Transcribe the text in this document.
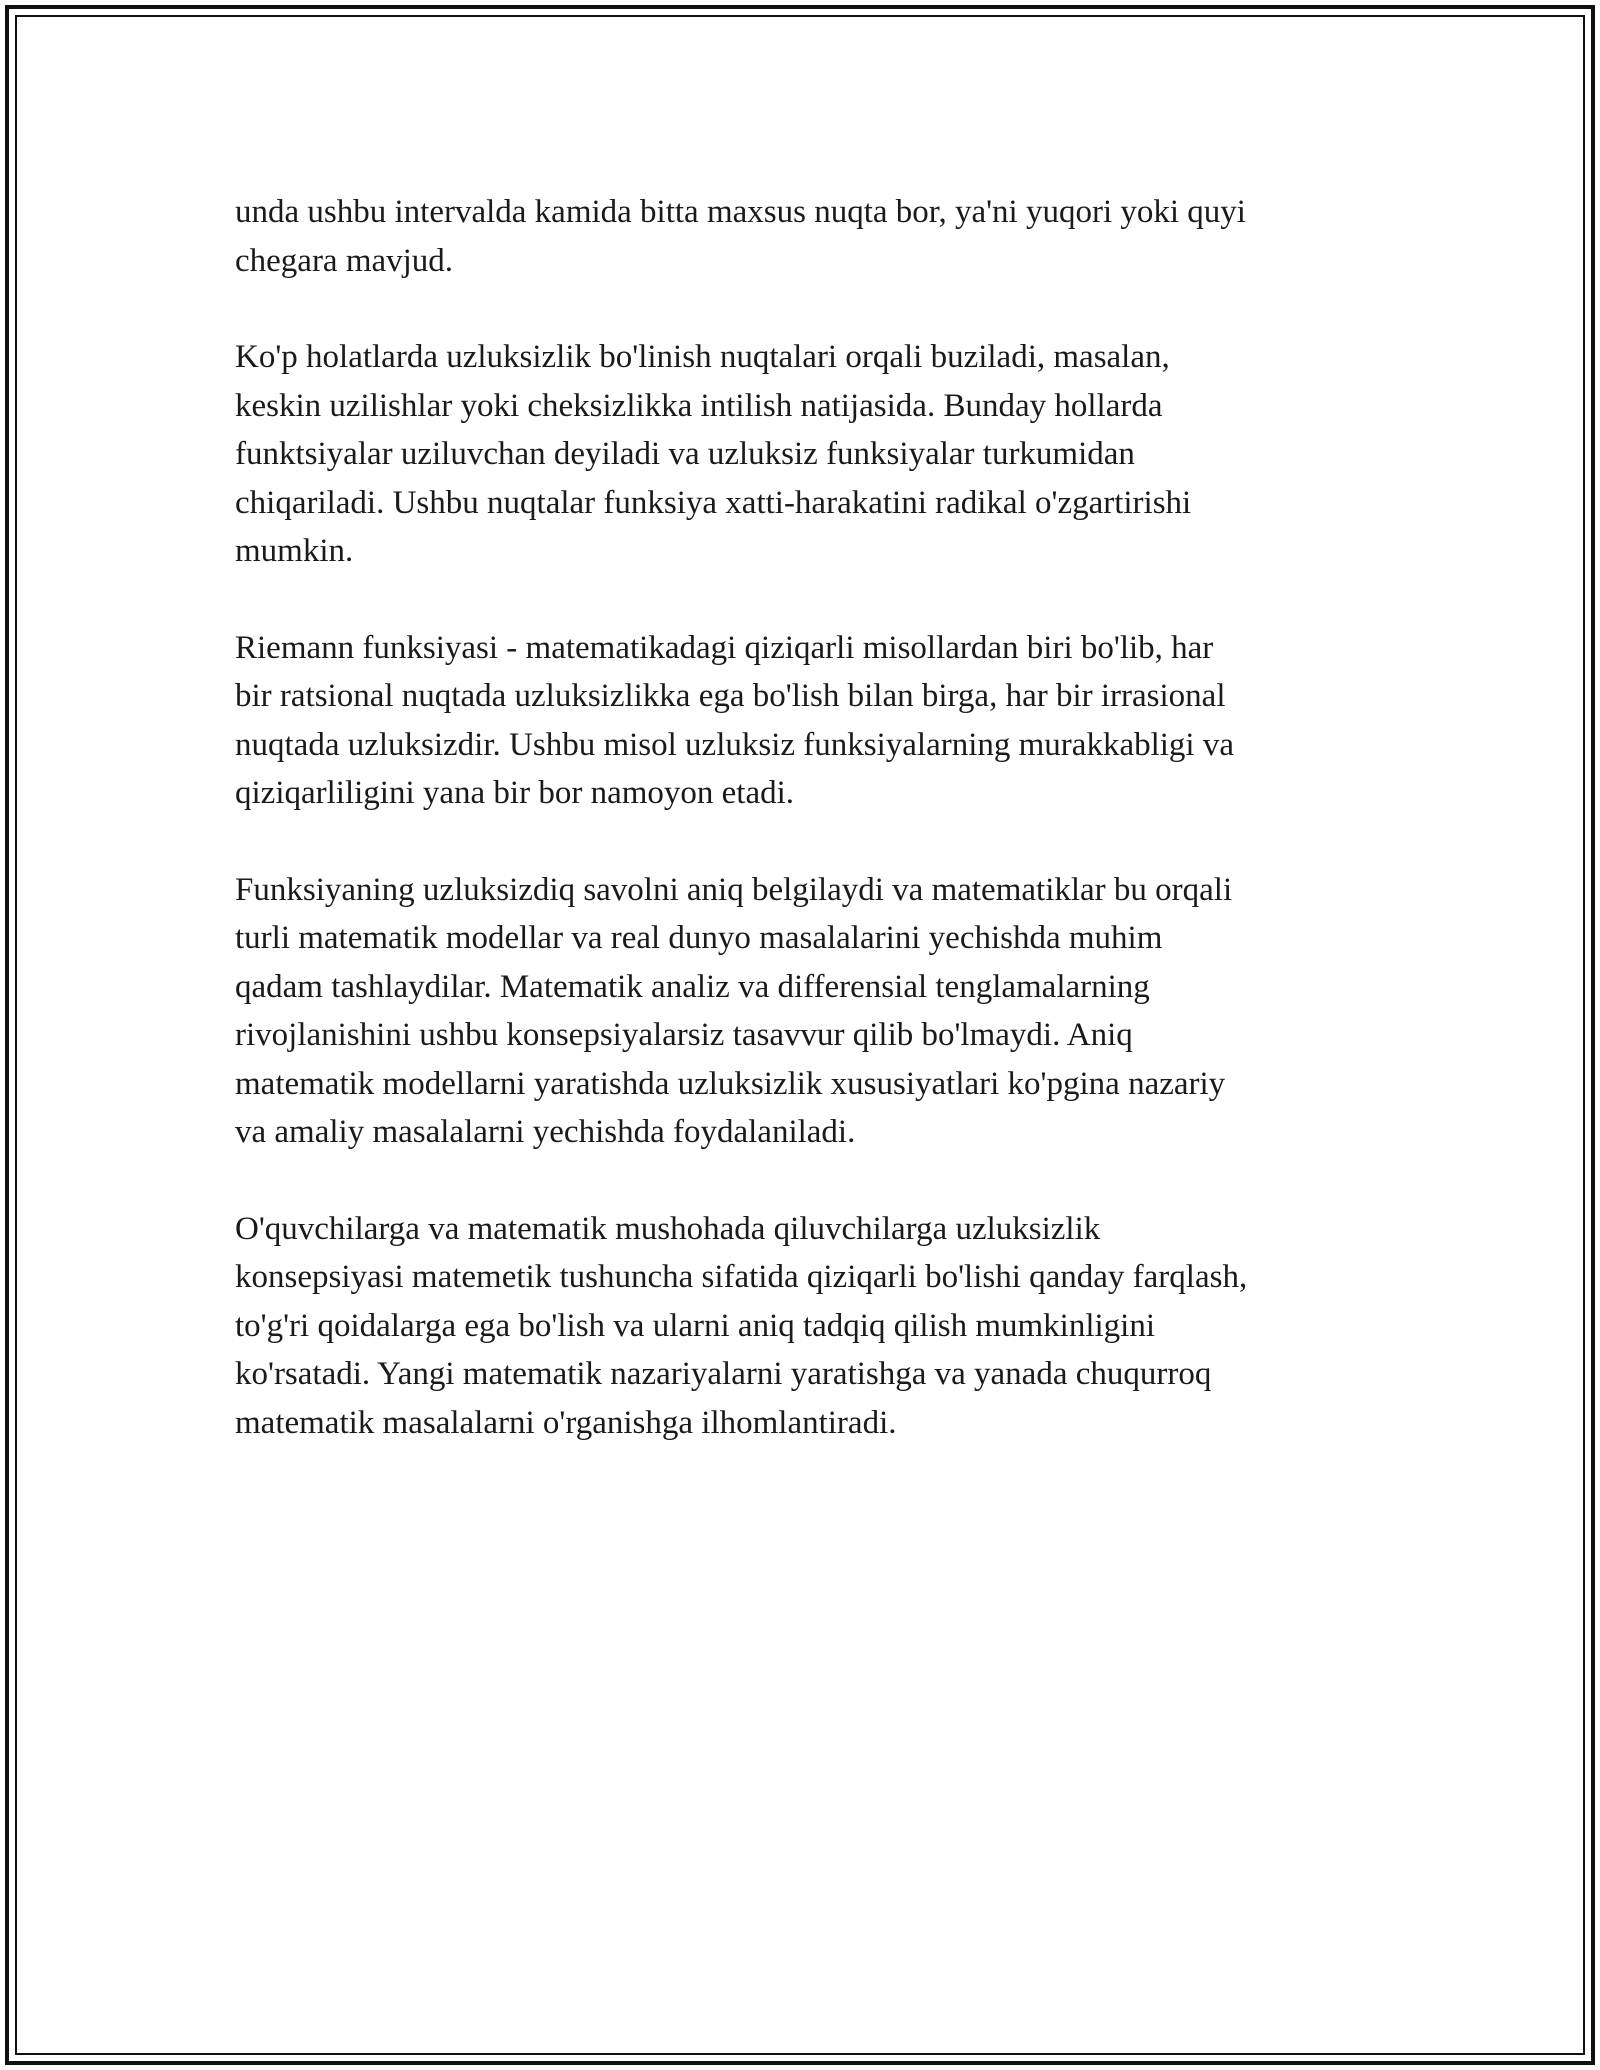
unda ushbu intervalda kamida bitta maxsus nuqta bor, ya'ni yuqori yoki quyi
chegara mavjud.

Ko'p holatlarda uzluksizlik bo'linish nuqtalari orqali buziladi, masalan,
keskin uzilishlar yoki cheksizlikka intilish natijasida. Bunday hollarda
funktsiyalar uziluvchan deyiladi va uzluksiz funksiyalar turkumidan
chiqariladi. Ushbu nuqtalar funksiya xatti-harakatini radikal o'zgartirishi
mumkin.

Riemann funksiyasi - matematikadagi qiziqarli misollardan biri bo'lib, har
bir ratsional nuqtada uzluksizlikka ega bo'lish bilan birga, har bir irrasional
nuqtada uzluksizdir. Ushbu misol uzluksiz funksiyalarning murakkabligi va
qiziqarliligini yana bir bor namoyon etadi.

Funksiyaning uzluksizdiq savolni aniq belgilaydi va matematiklar bu orqali
turli matematik modellar va real dunyo masalalarini yechishda muhim
qadam tashlaydilar. Matematik analiz va differensial tenglamalarning
rivojlanishini ushbu konsepsiyalarsiz tasavvur qilib bo'lmaydi. Aniq
matematik modellarni yaratishda uzluksizlik xususiyatlari ko'pgina nazariy
va amaliy masalalarni yechishda foydalaniladi.

O'quvchilarga va matematik mushohada qiluvchilarga uzluksizlik
konsepsiyasi matemetik tushuncha sifatida qiziqarli bo'lishi qanday farqlash,
to'g'ri qoidalarga ega bo'lish va ularni aniq tadqiq qilish mumkinligini
ko'rsatadi. Yangi matematik nazariyalarni yaratishga va yanada chuqurroq
matematik masalalarni o'rganishga ilhomlantiradi.
